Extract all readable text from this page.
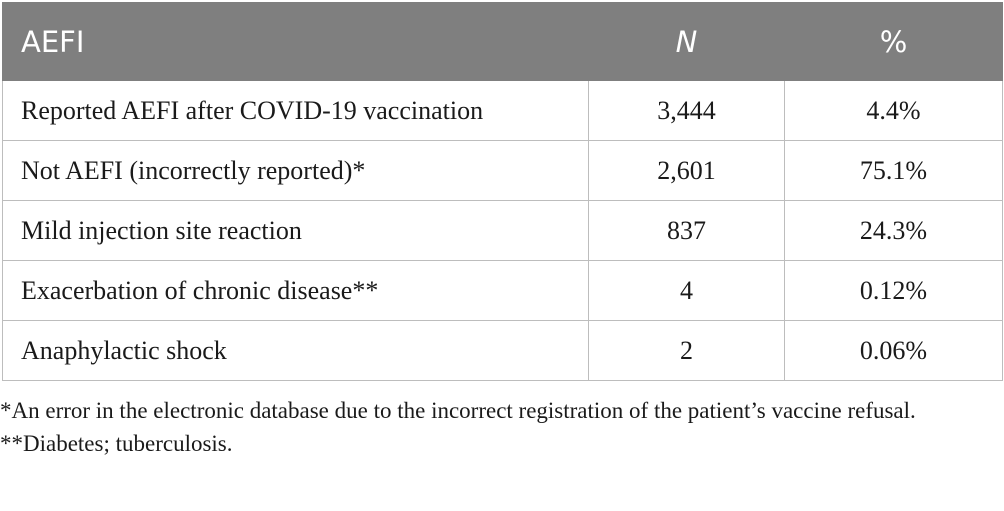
AEFI	N	%
Reported AEFI after COVID-19 vaccination	3,444	4.4%
Not AEFI (incorrectly reported)*	2,601	75.1%
Mild injection site reaction	837	24.3%
Exacerbation of chronic disease**	4	0.12%
Anaphylactic shock	2	0.06%

*An error in the electronic database due to the incorrect registration of the patient’s vaccine refusal.

**Diabetes; tuberculosis.
